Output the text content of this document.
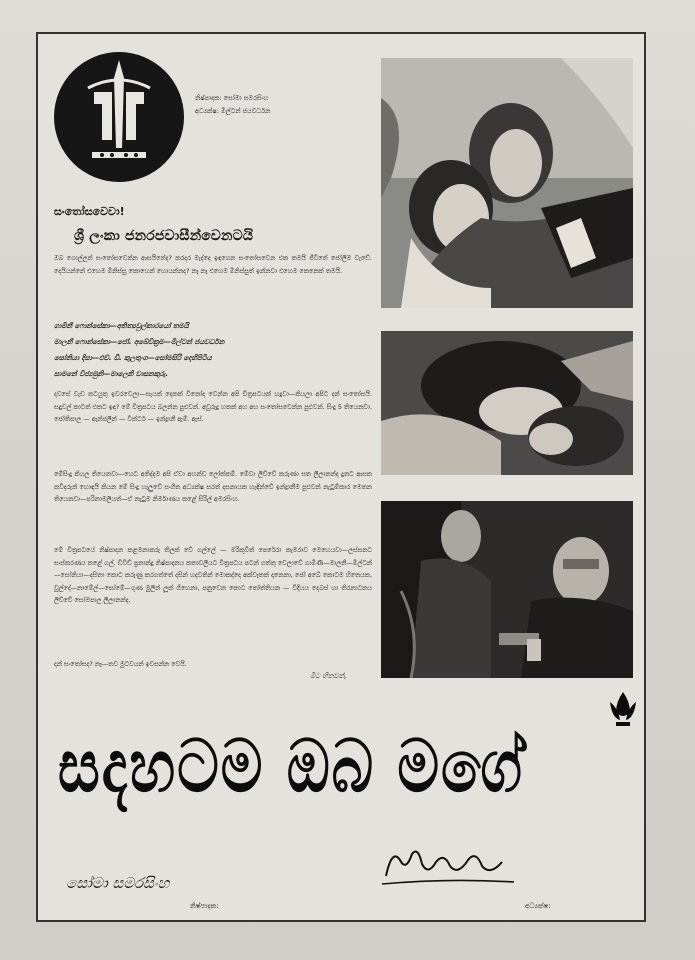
නිෂ්පාදක: සෝමා සමරසිංහ
අධ්‍යක්ෂ: මිල්ටන් ජයවර්ධන
සංතෝසවෙවා!
ශ්‍රී ලංකා ජනරජවාසීන්වෙනටයි
ඔබ ගොල්ලන් සංතෝසවෙන්න ආසයිනේද? කරදර මැද්දෙ ඉඳගෙන සංතෝසවෙන එක තමයි ජීවිතේ ජෝලිම වැඩේ. දෙයියන්නේ එහෙම මිනිස්සු කොහෙන් හොයන්නද? නෑ නෑ එහෙම මිනිස්සුත් ඉන්නවා එහෙම කෙනෙක් තමයි.
ගාමිනී ෆොන්සේකා—අතිත්‍යවුල්කාරයෝ තමයි
මාලනී ෆොන්සේකා—ජෝ. අබේවික්‍රම—මිල්ටන් ජයවර්ධන
සෝනියා දිසා—එච්. ඩී. කුලතුංග—සෝමසිරි දෙහිපිටිය
සාමනේ විජ්‍යමුනි—මාලෙනි වාසනකුරු.
දවසේ වැඩ කටයුතු ඉවරවෙලා—සැයක් දෙකක් විනෝද වෙන්න අපි චිත්‍රපටයක් හදුවා—කියලා අපිට දන් සංතෝසයි. සඳුවල් කාටත් එකට ඉඳ? මේ චිත්‍රපටය බලන්න පුළුවන්. අවුරුදු හතක් අහ අහ සංතෝසවෙන්න පුළුවන්. සිංදු 5 තියෙනවා. ජෝතිපාල — ඇන්ජලීන් — වික්ටර් — ඉන්ද්‍රානී ඇම්. ඇස්.
මේසිංදු කියල තියෙනවා—හෙට අනිද්දම අපි ඒවා අහන්ඩ ලෝක්කම්. මේවා ලිව්වේ කරුණා සත ලීලානන්ද දුනට ආසක කවිදරුන් හොඳයි කියන මේ සිංදු හැලුවේ සංගීත අධ්‍යක්ෂ සරත් දසනායක හැඳින්වේ ඉන්ද්‍රානීම පුළුවන් නැටුම්කාර මෙතන තියෙනවා—පරිනාමලියත්—ඒ නැටුම නිර්මාණය කළේ සිරිල් අමරසිංහ.
මේ චිත්‍රපටයේ නිෂ්පාදන කළමනාකරු තිලක් වේ ගල්ලේ — මරිකුවිත් පෙරේරා කැමරාව මෙහෙයවා—ලස්සනට සංස්කරණය කළේ ගල්. ඩිවිඩ් ප්‍රනාන්දු නිෂ්පාදනය කතාවලියට චිත්‍රපටය පටන් ගත්තු වෙලාවේ ගාමිණී—මාලනී—මිල්ටන්—සෝනියා—දසිතා කොට කරුණු කරගත්තේ දසින් හදවතින් මොකද්දෙ අක්වෑතක් දනෙනා, ජෝ අබේ කොටම හිතෙයක, වුල්දෝ—නාමේල්—සෝමේ—ගුණ මුලින් ලූක් ගිහෙනා, පනුවෙන කොට තෝත්තියන — විදියය දෙබස් හා තිරනාටකය ලිව්වේ සෝමපාල ලීලානන්ද.
දන් සංතෝසද? නෑ—තව මුටවයන් ඉවසන්න වෙයි.
මීට හිතවත්,
සදහටම ඔබ මගේ
සෝමා සමරසිංහ
නිෂ්පාදක:	අධ්‍යක්ෂ:
